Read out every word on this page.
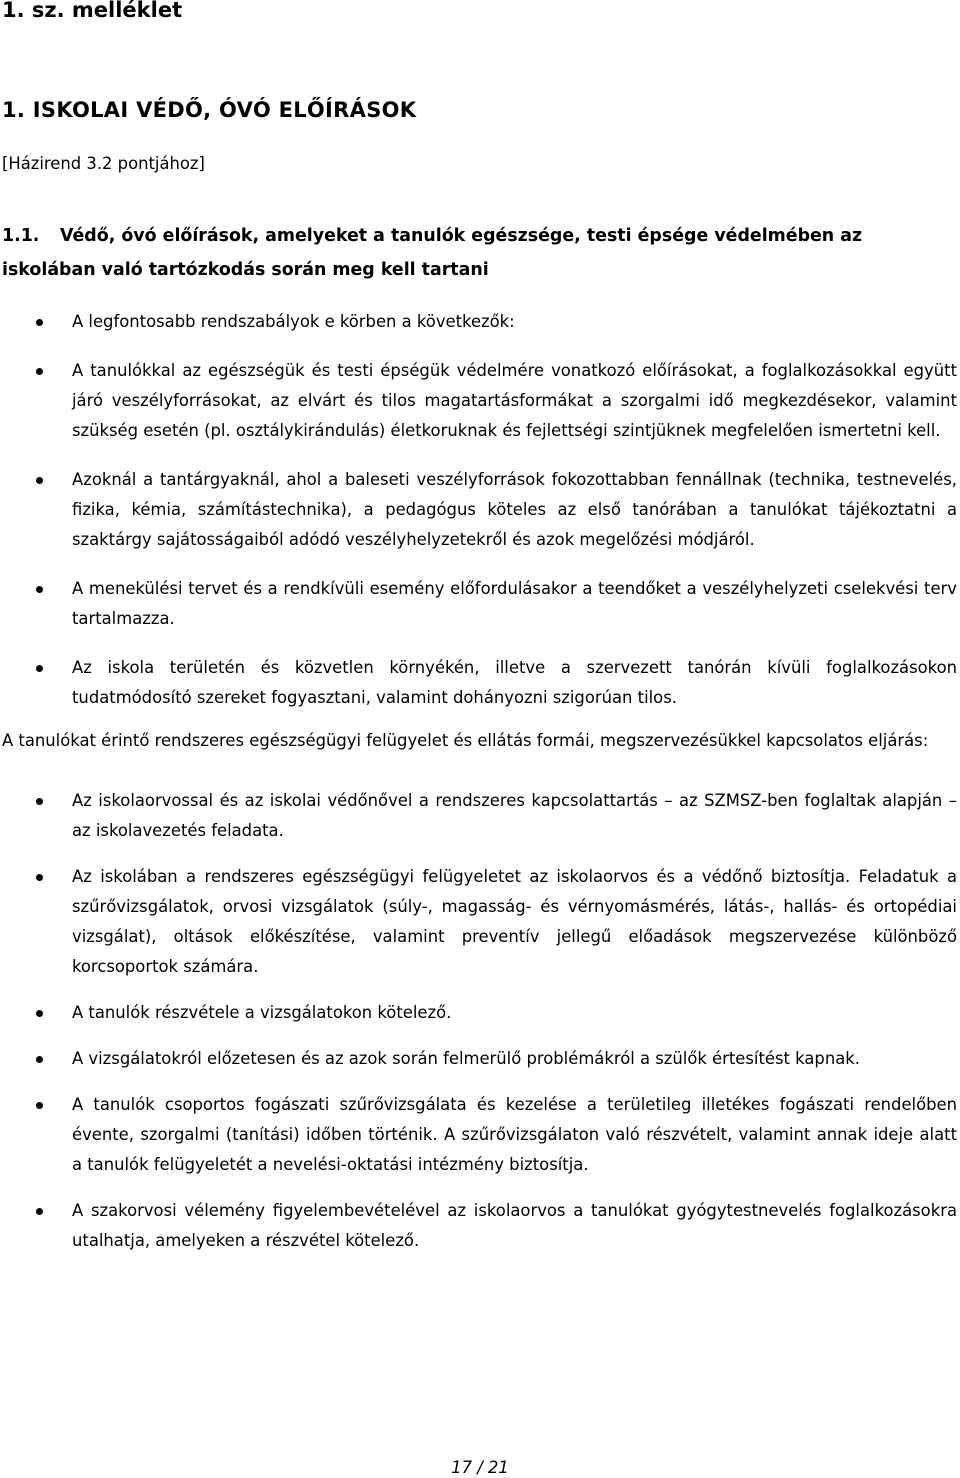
1. sz. melléklet
1. ISKOLAI VÉDŐ, ÓVÓ ELŐÍRÁSOK
[Házirend 3.2 pontjához]
1.1. Védő, óvó előírások, amelyeket a tanulók egészsége, testi épsége védelmében az iskolában való tartózkodás során meg kell tartani
A legfontosabb rendszabályok e körben a következők:
A tanulókkal az egészségük és testi épségük védelmére vonatkozó előírásokat, a foglalkozásokkal együtt járó veszélyforrásokat, az elvárt és tilos magatartásformákat a szorgalmi idő megkezdésekor, valamint szükség esetén (pl. osztálykirándulás) életkoruknak és fejlettségi szintjüknek megfelelően ismertetni kell.
Azoknál a tantárgyaknál, ahol a baleseti veszélyforrások fokozottabban fennállnak (technika, testnevelés, fizika, kémia, számítástechnika), a pedagógus köteles az első tanórában a tanulókat tájékoztatni a szaktárgy sajátosságaiból adódó veszélyhelyzetekről és azok megelőzési módjáról.
A menekülési tervet és a rendkívüli esemény előfordulásakor a teendőket a veszélyhelyzeti cselekvési terv tartalmazza.
Az iskola területén és közvetlen környékén, illetve a szervezett tanórán kívüli foglalkozásokon tudatmódosító szereket fogyasztani, valamint dohányozni szigorúan tilos.
A tanulókat érintő rendszeres egészségügyi felügyelet és ellátás formái, megszervezésükkel kapcsolatos eljárás:
Az iskolaorvossal és az iskolai védőnővel a rendszeres kapcsolattartás – az SZMSZ-ben foglaltak alapján – az iskolavezetés feladata.
Az iskolában a rendszeres egészségügyi felügyeletet az iskolaorvos és a védőnő biztosítja. Feladatuk a szűrővizsgálatok, orvosi vizsgálatok (súly-, magasság- és vérnyomásmérés, látás-, hallás- és ortopédiai vizsgálat), oltások előkészítése, valamint preventív jellegű előadások megszervezése különböző korcsoportok számára.
A tanulók részvétele a vizsgálatokon kötelező.
A vizsgálatokról előzetesen és az azok során felmerülő problémákról a szülők értesítést kapnak.
A tanulók csoportos fogászati szűrővizsgálata és kezelése a területileg illetékes fogászati rendelőben évente, szorgalmi (tanítási) időben történik. A szűrővizsgálaton való részvételt, valamint annak ideje alatt a tanulók felügyeletét a nevelési-oktatási intézmény biztosítja.
A szakorvosi vélemény figyelembevételével az iskolaorvos a tanulókat gyógytestnevelés foglalkozásokra utalhatja, amelyeken a részvétel kötelező.
17 / 21
